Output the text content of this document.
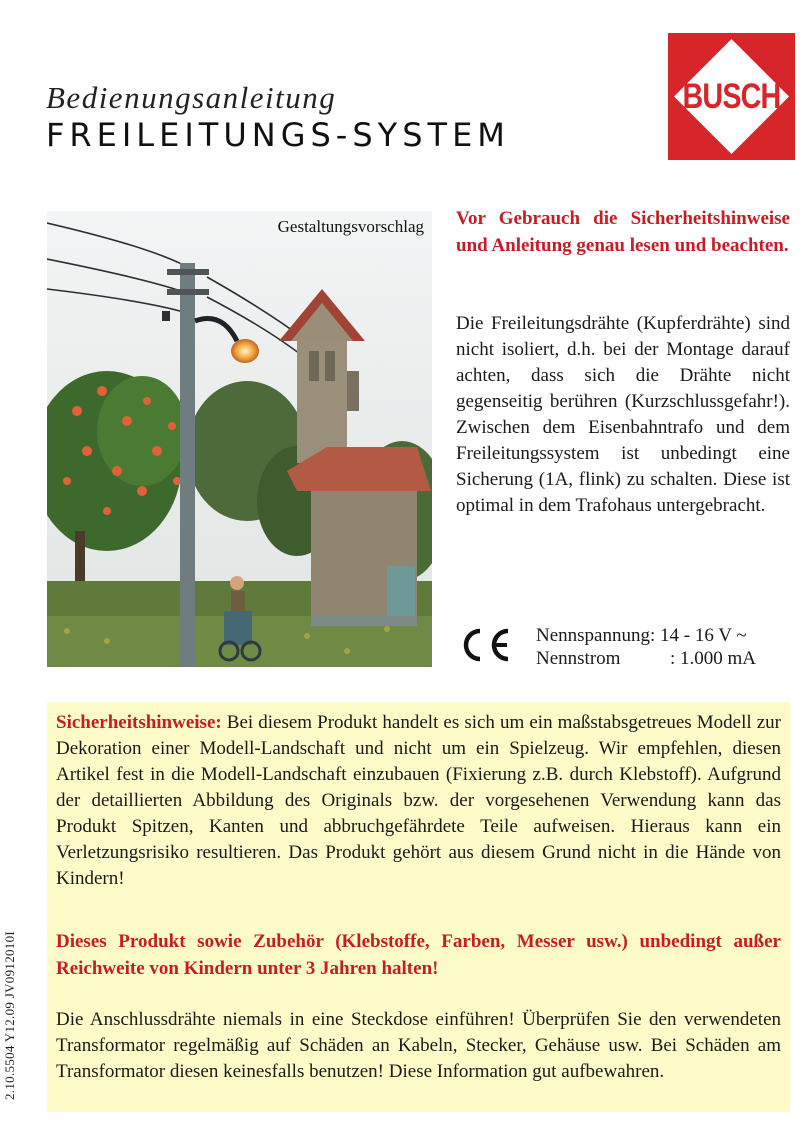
Bedienungsanleitung
FREILEITUNGS-SYSTEM
BUSCH
Gestaltungsvorschlag Vor Gebrauch die Sicherheitshinweise und Anleitung genau lesen und beachten.
Die Freileitungsdrähte (Kupferdrähte) sind nicht isoliert, d.h. bei der Montage darauf achten, dass sich die Drähte nicht gegenseitig berühren (Kurzschlussgefahr!). Zwischen dem Eisenbahntrafo und dem Freileitungssystem ist unbedingt eine Sicherung (1A, flink) zu schalten. Diese ist optimal in dem Trafohaus untergebracht.
Nennspannung: 14 - 16 V ~
Nennstrom	: 1.000 mA
Sicherheitshinweise: Bei diesem Produkt handelt es sich um ein maßstabsgetreues Modell zur Dekoration einer Modell-Landschaft und nicht um ein Spielzeug. Wir empfehlen, diesen Artikel fest in die Modell-Landschaft einzubauen (Fixierung z.B. durch Klebstoff). Aufgrund der detaillierten Abbildung des Originals bzw. der vorgesehenen Verwendung kann das Produkt Spitzen, Kanten und abbruchgefährdete Teile aufweisen. Hieraus kann ein Verletzungsrisiko resultieren. Das Produkt gehört aus diesem Grund nicht in die Hände von Kindern!
Dieses Produkt sowie Zubehör (Klebstoffe, Farben, Messer usw.) unbedingt außer Reichweite von Kindern unter 3 Jahren halten!
Die Anschlussdrähte niemals in eine Steckdose einführen! Überprüfen Sie den verwendeten Transformator regelmäßig auf Schäden an Kabeln, Stecker, Gehäuse usw. Bei Schäden am Transformator diesen keinesfalls benutzen! Diese Information gut aufbewahren.
2.10.5504 Y12.09 JV0912010I
